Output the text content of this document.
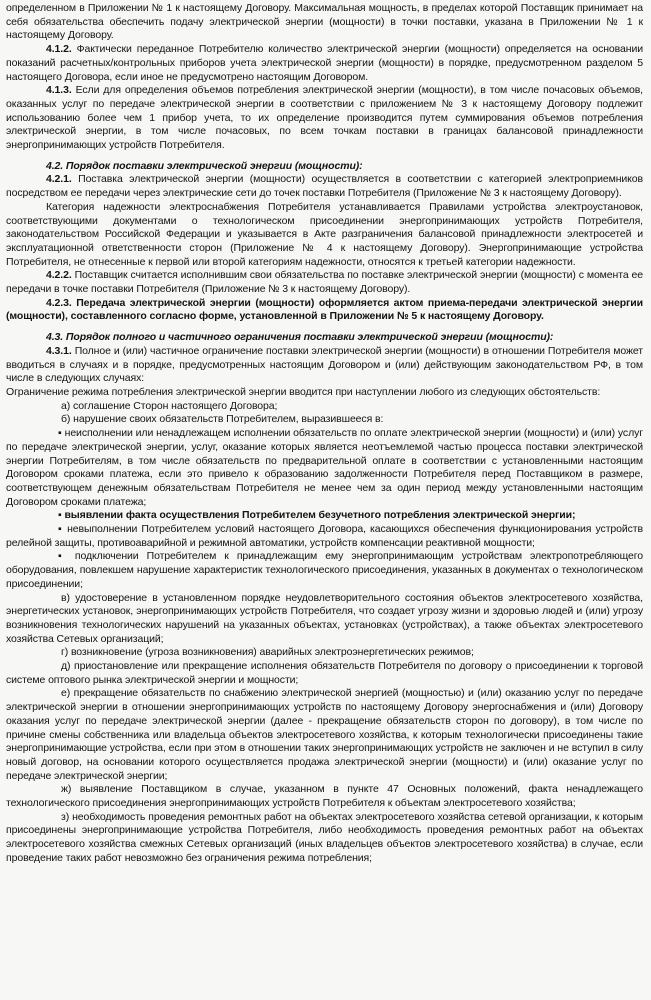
определенном в Приложении № 1 к настоящему Договору. Максимальная мощность, в пределах которой Поставщик принимает на себя обязательства обеспечить подачу электрической энергии (мощности) в точки поставки, указана в Приложении № 1 к настоящему Договору.

4.1.2. Фактически переданное Потребителю количество электрической энергии (мощности) определяется на основании показаний расчетных/контрольных приборов учета электрической энергии (мощности) в порядке, предусмотренном разделом 5 настоящего Договора, если иное не предусмотрено настоящим Договором.

4.1.3. Если для определения объемов потребления электрической энергии (мощности), в том числе почасовых объемов, оказанных услуг по передаче электрической энергии в соответствии с приложением № 3 к настоящему Договору подлежит использованию более чем 1 прибор учета, то их определение производится путем суммирования объемов потребления электрической энергии, в том числе почасовых, по всем точкам поставки в границах балансовой принадлежности энергопринимающих устройств Потребителя.

4.2. Порядок поставки электрической энергии (мощности):

4.2.1. Поставка электрической энергии (мощности) осуществляется в соответствии с категорией электроприемников посредством ее передачи через электрические сети до точек поставки Потребителя (Приложение № 3 к настоящему Договору).

Категория надежности электроснабжения Потребителя устанавливается Правилами устройства электроустановок, соответствующими документами о технологическом присоединении энергопринимающих устройств Потребителя, законодательством Российской Федерации и указывается в Акте разграничения балансовой принадлежности электросетей и эксплуатационной ответственности сторон (Приложение № 4 к настоящему Договору). Энергопринимающие устройства Потребителя, не отнесенные к первой или второй категориям надежности, относятся к третьей категории надежности.

4.2.2. Поставщик считается исполнившим свои обязательства по поставке электрической энергии (мощности) с момента ее передачи в точке поставки Потребителя (Приложение № 3 к настоящему Договору).

4.2.3. Передача электрической энергии (мощности) оформляется актом приема-передачи электрической энергии (мощности), составленного согласно форме, установленной в Приложении № 5 к настоящему Договору.

4.3. Порядок полного и частичного ограничения поставки электрической энергии (мощности):

4.3.1. Полное и (или) частичное ограничение поставки электрической энергии (мощности) в отношении Потребителя может вводиться в случаях и в порядке, предусмотренных настоящим Договором и (или) действующим законодательством РФ, в том числе в следующих случаях:

Ограничение режима потребления электрической энергии вводится при наступлении любого из следующих обстоятельств:

а) соглашение Сторон настоящего Договора;

б) нарушение своих обязательств Потребителем, выразившееся в:

▪ неисполнении или ненадлежащем исполнении обязательств по оплате электрической энергии (мощности) и (или) услуг по передаче электрической энергии, услуг, оказание которых является неотъемлемой частью процесса поставки электрической энергии Потребителям, в том числе обязательств по предварительной оплате в соответствии с установленными настоящим Договором сроками платежа, если это привело к образованию задолженности Потребителя перед Поставщиком в размере, соответствующем денежным обязательствам Потребителя не менее чем за один период между установленными настоящим Договором сроками платежа;

▪ выявлении факта осуществления Потребителем безучетного потребления электрической энергии;

▪ невыполнении Потребителем условий настоящего Договора, касающихся обеспечения функционирования устройств релейной защиты, противоаварийной и режимной автоматики, устройств компенсации реактивной мощности;

▪ подключении Потребителем к принадлежащим ему энергопринимающим устройствам электропотребляющего оборудования, повлекшем нарушение характеристик технологического присоединения, указанных в документах о технологическом присоединении;

в) удостоверение в установленном порядке неудовлетворительного состояния объектов электросетевого хозяйства, энергетических установок, энергопринимающих устройств Потребителя, что создает угрозу жизни и здоровью людей и (или) угрозу возникновения технологических нарушений на указанных объектах, установках (устройствах), а также объектах электросетевого хозяйства Сетевых организаций;

г) возникновение (угроза возникновения) аварийных электроэнергетических режимов;

д) приостановление или прекращение исполнения обязательств Потребителя по договору о присоединении к торговой системе оптового рынка электрической энергии и мощности;

е) прекращение обязательств по снабжению электрической энергией (мощностью) и (или) оказанию услуг по передаче электрической энергии в отношении энергопринимающих устройств по настоящему Договору энергоснабжения и (или) Договору оказания услуг по передаче электрической энергии (далее - прекращение обязательств сторон по договору), в том числе по причине смены собственника или владельца объектов электросетевого хозяйства, к которым технологически присоединены такие энергопринимающие устройства, если при этом в отношении таких энергопринимающих устройств не заключен и не вступил в силу новый договор, на основании которого осуществляется продажа электрической энергии (мощности) и (или) оказание услуг по передаче электрической энергии;

ж) выявление Поставщиком в случае, указанном в пункте 47 Основных положений, факта ненадлежащего технологического присоединения энергопринимающих устройств Потребителя к объектам электросетевого хозяйства;

з) необходимость проведения ремонтных работ на объектах электросетевого хозяйства сетевой организации, к которым присоединены энергопринимающие устройства Потребителя, либо необходимость проведения ремонтных работ на объектах электросетевого хозяйства смежных Сетевых организаций (иных владельцев объектов электросетевого хозяйства) в случае, если проведение таких работ невозможно без ограничения режима потребления;
